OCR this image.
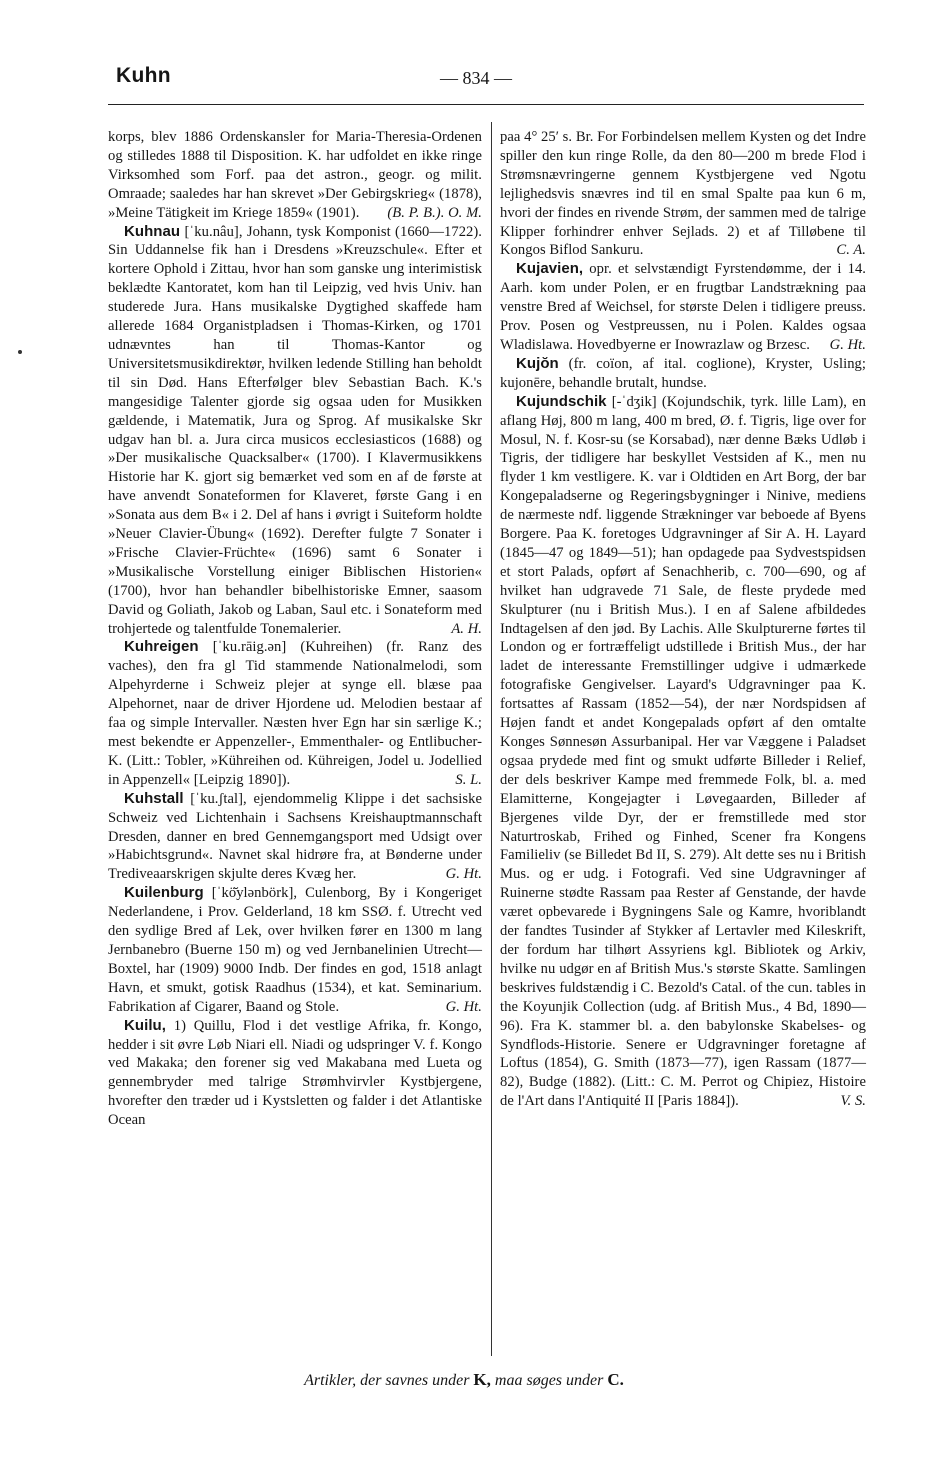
Kuhn	— 834 —

korps, blev 1886 Ordenskansler for Maria-Theresia-Ordenen og stilledes 1888 til Disposition. K. har udfoldet en ikke ringe Virksomhed som Forf. paa det astron., geogr. og milit. Omraade; saaledes har han skrevet »Der Gebirgskrieg« (1878), »Meine Tätigkeit im Kriege 1859« (1901). (B. P. B.). O. M.

Kuhnau [ˈku.nâu], Johann, tysk Komponist (1660—1722). Sin Uddannelse fik han i Dresdens »Kreuzschule«. Efter et kortere Ophold i Zittau, hvor han som ganske ung interimistisk beklædte Kantoratet, kom han til Leipzig, ved hvis Univ. han studerede Jura. Hans musikalske Dygtighed skaffede ham allerede 1684 Organistpladsen i Thomas-Kirken, og 1701 udnævntes han til Thomas-Kantor og Universitetsmusikdirektør, hvilken ledende Stilling han beholdt til sin Død. Hans Efterfølger blev Sebastian Bach. K.'s mangesidige Talenter gjorde sig ogsaa uden for Musikken gældende, i Matematik, Jura og Sprog. Af musikalske Skr udgav han bl. a. Jura circa musicos ecclesiasticos (1688) og »Der musikalische Quacksalber« (1700). I Klavermusikkens Historie har K. gjort sig bemærket ved som en af de første at have anvendt Sonateformen for Klaveret, første Gang i en »Sonata aus dem B« i 2. Del af hans i øvrigt i Suiteform holdte »Neuer Clavier-Übung« (1692). Derefter fulgte 7 Sonater i »Frische Clavier-Früchte« (1696) samt 6 Sonater i »Musikalische Vorstellung einiger Biblischen Historien« (1700), hvor han behandler bibelhistoriske Emner, saasom David og Goliath, Jakob og Laban, Saul etc. i Sonateform med trohjertede og talentfulde Tonemalerier.	A. H.

Kuhreigen [ˈku.rāig.ən] (Kuhreihen) (fr. Ranz des vaches), den fra gl Tid stammende Nationalmelodi, som Alpehyrderne i Schweiz plejer at synge ell. blæse paa Alpehornet, naar de driver Hjordene ud. Melodien bestaar af faa og simple Intervaller. Næsten hver Egn har sin særlige K.; mest bekendte er Appenzeller-, Emmenthaler- og Entlibucher-K. (Litt.: Tobler, »Kühreihen od. Kühreigen, Jodel u. Jodellied in Appenzell« [Leipzig 1890]).	S. L.

Kuhstall [ˈku.ʃtal], ejendommelig Klippe i det sachsiske Schweiz ved Lichtenhain i Sachsens Kreishauptmannschaft Dresden, danner en bred Gennemgangsport med Udsigt over »Habichtsgrund«. Navnet skal hidrøre fra, at Bønderne under Trediveaarskrigen skjulte deres Kvæg her.	G. Ht.

Kuilenburg [ˈkö̆ylənbörk], Culenborg, By i Kongeriget Nederlandene, i Prov. Gelderland, 18 km SSØ. f. Utrecht ved den sydlige Bred af Lek, over hvilken fører en 1300 m lang Jernbanebro (Buerne 150 m) og ved Jernbanelinien Utrecht—Boxtel, har (1909) 9000 Indb. Der findes en god, 1518 anlagt Havn, et smukt, gotisk Raadhus (1534), et kat. Seminarium. Fabrikation af Cigarer, Baand og Stole.	G. Ht.

Kuilu, 1) Quillu, Flod i det vestlige Afrika, fr. Kongo, hedder i sit øvre Løb Niari ell. Niadi og udspringer V. f. Kongo ved Makaka; den forener sig ved Makabana med Lueta og gennembryder med talrige Strømhvirvler Kystbjergene, hvorefter den træder ud i Kystsletten og falder i det Atlantiske Ocean

paa 4° 25′ s. Br. For Forbindelsen mellem Kysten og det Indre spiller den kun ringe Rolle, da den 80—200 m brede Flod i Strømsnævringerne gennem Kystbjergene ved Ngotu lejlighedsvis snævres ind til en smal Spalte paa kun 6 m, hvori der findes en rivende Strøm, der sammen med de talrige Klipper forhindrer enhver Sejlads. 2) et af Tilløbene til Kongos Biflod Sankuru.	C. A.

Kujavien, opr. et selvstændigt Fyrstendømme, der i 14. Aarh. kom under Polen, er en frugtbar Landstrækning paa venstre Bred af Weichsel, for største Delen i tidligere preuss. Prov. Posen og Vestpreussen, nu i Polen. Kaldes ogsaa Wladislawa. Hovedbyerne er Inowrazlaw og Brzesc.	G. Ht.

Kujŏn (fr. coïon, af ital. coglione), Kryster, Usling; kujonēre, behandle brutalt, hundse.

Kujundschik [-ˈdʒik] (Kojundschik, tyrk. lille Lam), en aflang Høj, 800 m lang, 400 m bred, Ø. f. Tigris, lige over for Mosul, N. f. Kosr-su (se Korsabad), nær denne Bæks Udløb i Tigris, der tidligere har beskyllet Vestsiden af K., men nu flyder 1 km vestligere. K. var i Oldtiden en Art Borg, der bar Kongepaladserne og Regeringsbygninger i Ninive, mediens de nærmeste ndf. liggende Strækninger var beboede af Byens Borgere. Paa K. foretoges Udgravninger af Sir A. H. Layard (1845—47 og 1849—51); han opdagede paa Sydvestspidsen et stort Palads, opført af Senachherib, c. 700—690, og af hvilket han udgravede 71 Sale, de fleste prydede med Skulpturer (nu i British Mus.). I en af Salene afbildedes Indtagelsen af den jød. By Lachis. Alle Skulpturerne førtes til London og er fortræffeligt udstillede i British Mus., der har ladet de interessante Fremstillinger udgive i udmærkede fotografiske Gengivelser. Layard's Udgravninger paa K. fortsattes af Rassam (1852—54), der nær Nordspidsen af Højen fandt et andet Kongepalads opført af den omtalte Konges Sønnesøn Assurbanipal. Her var Væggene i Paladset ogsaa prydede med fint og smukt udførte Billeder i Relief, der dels beskriver Kampe med fremmede Folk, bl. a. med Elamitterne, Kongejagter i Løvegaarden, Billeder af Bjergenes vilde Dyr, der er fremstillede med stor Naturtroskab, Frihed og Finhed, Scener fra Kongens Familieliv (se Billedet Bd II, S. 279). Alt dette ses nu i British Mus. og er udg. i Fotografi. Ved sine Udgravninger af Ruinerne stødte Rassam paa Rester af Genstande, der havde været opbevarede i Bygningens Sale og Kamre, hvoriblandt der fandtes Tusinder af Stykker af Lertavler med Kileskrift, der fordum har tilhørt Assyriens kgl. Bibliotek og Arkiv, hvilke nu udgør en af British Mus.'s største Skatte. Samlingen beskrives fuldstændig i C. Bezold's Catal. of the cun. tables in the Koyunjik Collection (udg. af British Mus., 4 Bd, 1890—96). Fra K. stammer bl. a. den babylonske Skabelses- og Syndflods-Historie. Senere er Udgravninger foretagne af Loftus (1854), G. Smith (1873—77), igen Rassam (1877—82), Budge (1882). (Litt.: C. M. Perrot og Chipiez, Histoire de l'Art dans l'Antiquité II [Paris 1884]).	V. S.

Artikler, der savnes under K, maa søges under C.
